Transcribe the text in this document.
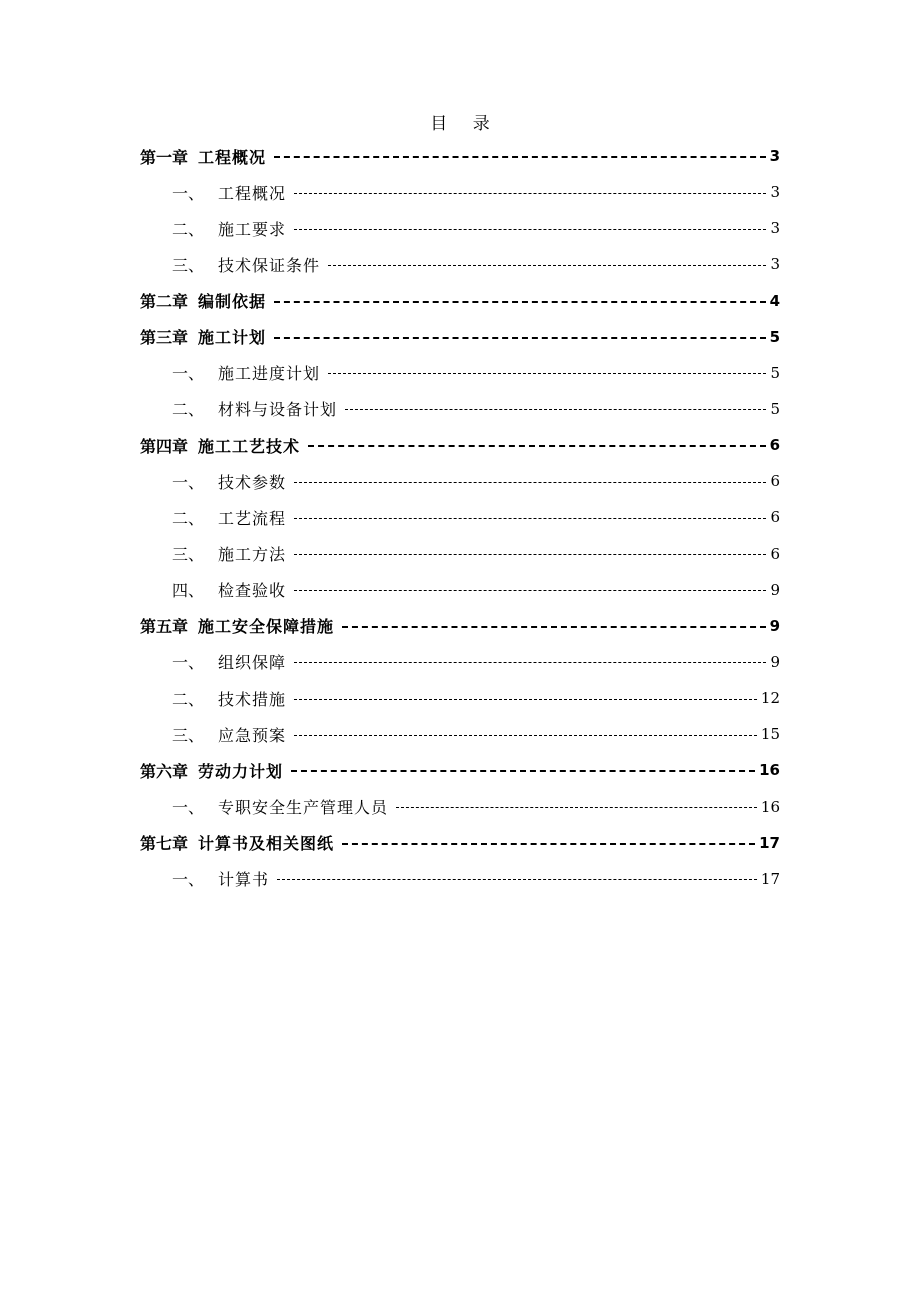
目 录
第一章 工程概况	3
一、 工程概况	3
二、 施工要求	3
三、 技术保证条件	3
第二章 编制依据	4
第三章 施工计划	5
一、 施工进度计划	5
二、 材料与设备计划	5
第四章 施工工艺技术	6
一、 技术参数	6
二、 工艺流程	6
三、 施工方法	6
四、 检查验收	9
第五章 施工安全保障措施	9
一、 组织保障	9
二、 技术措施	12
三、 应急预案	15
第六章 劳动力计划	16
一、 专职安全生产管理人员	16
第七章 计算书及相关图纸	17
一、 计算书	17
